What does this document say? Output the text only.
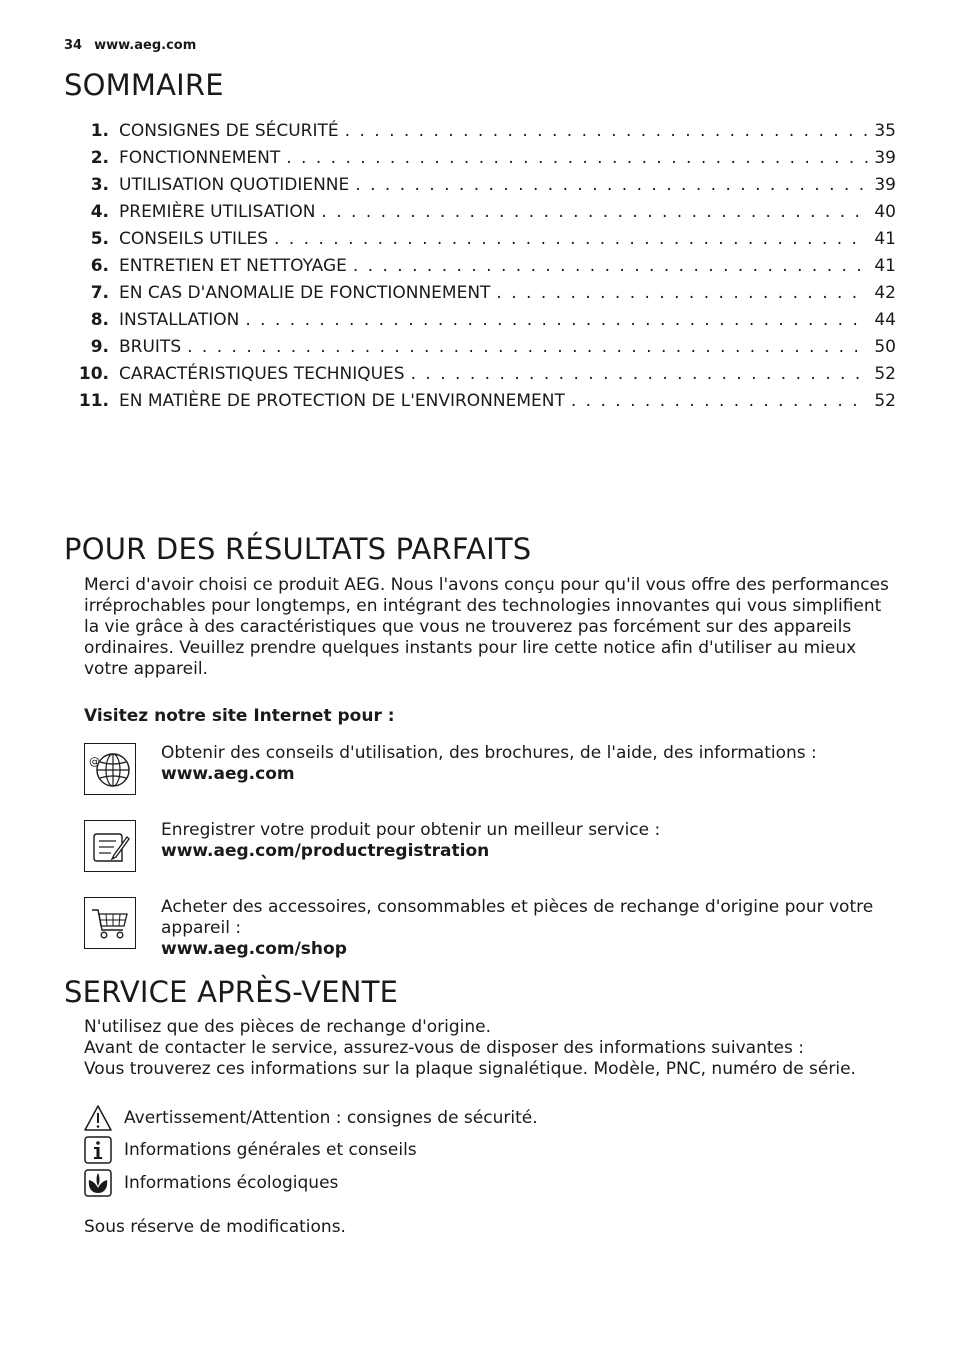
34 www.aeg.com
SOMMAIRE
1. CONSIGNES DE SÉCURITÉ . . .	35
2. FONCTIONNEMENT . . .	39
3. UTILISATION QUOTIDIENNE . . .	39
4. PREMIÈRE UTILISATION . . .	40
5. CONSEILS UTILES . . .	41
6. ENTRETIEN ET NETTOYAGE . . .	41
7. EN CAS D'ANOMALIE DE FONCTIONNEMENT . . .	42
8. INSTALLATION . . .	44
9. BRUITS . . .	50
10. CARACTÉRISTIQUES TECHNIQUES . . .	52
11. EN MATIÈRE DE PROTECTION DE L'ENVIRONNEMENT . . .	52
POUR DES RÉSULTATS PARFAITS
Merci d'avoir choisi ce produit AEG. Nous l'avons conçu pour qu'il vous offre des performances irréprochables pour longtemps, en intégrant des technologies innovantes qui vous simplifient la vie grâce à des caractéristiques que vous ne trouverez pas forcément sur des appareils ordinaires. Veuillez prendre quelques instants pour lire cette notice afin d'utiliser au mieux votre appareil.
Visitez notre site Internet pour :
@	Obtenir des conseils d'utilisation, des brochures, de l'aide, des informations :
www.aeg.com
Enregistrer votre produit pour obtenir un meilleur service :
www.aeg.com/productregistration
Acheter des accessoires, consommables et pièces de rechange d'origine pour votre appareil :
www.aeg.com/shop
SERVICE APRÈS-VENTE
N'utilisez que des pièces de rechange d'origine.
Avant de contacter le service, assurez-vous de disposer des informations suivantes :
Vous trouverez ces informations sur la plaque signalétique. Modèle, PNC, numéro de série.
Avertissement/Attention : consignes de sécurité.
Informations générales et conseils
Informations écologiques
Sous réserve de modifications.
